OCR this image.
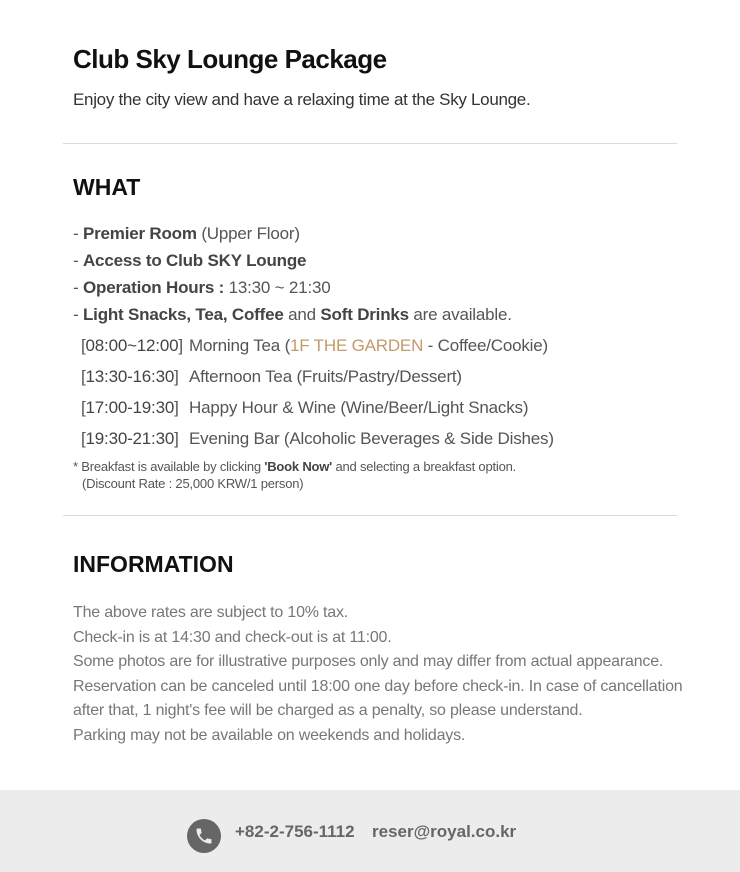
Club Sky Lounge Package
Enjoy the city view and have a relaxing time at the Sky Lounge.
WHAT
- Premier Room (Upper Floor)
- Access to Club SKY Lounge
- Operation Hours : 13:30 ~ 21:30
- Light Snacks, Tea, Coffee and Soft Drinks are available.
[08:00~12:00] Morning Tea (1F THE GARDEN - Coffee/Cookie)
[13:30-16:30] Afternoon Tea (Fruits/Pastry/Dessert)
[17:00-19:30] Happy Hour & Wine (Wine/Beer/Light Snacks)
[19:30-21:30] Evening Bar (Alcoholic Beverages & Side Dishes)
* Breakfast is available by clicking 'Book Now' and selecting a breakfast option.
(Discount Rate : 25,000 KRW/1 person)
INFORMATION
The above rates are subject to 10% tax.
Check-in is at 14:30 and check-out is at 11:00.
Some photos are for illustrative purposes only and may differ from actual appearance.
Reservation can be canceled until 18:00 one day before check-in. In case of cancellation after that, 1 night's fee will be charged as a penalty, so please understand.
Parking may not be available on weekends and holidays.
+82-2-756-1112 reser@royal.co.kr
